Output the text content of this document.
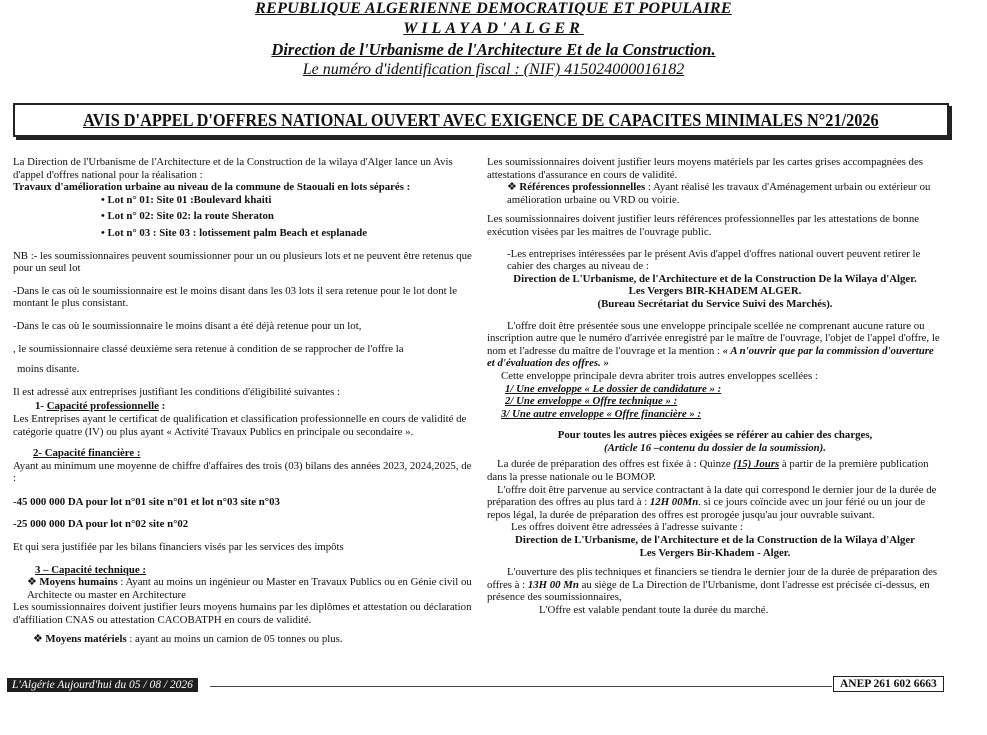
REPUBLIQUE ALGERIENNE DEMOCRATIQUE ET POPULAIRE
WILAYAD'ALGER
Direction de l'Urbanisme de l'Architecture Et de la Construction.
Le numéro d'identification fiscal : (NIF) 415024000016182
AVIS D'APPEL D'OFFRES NATIONAL OUVERT AVEC EXIGENCE DE CAPACITES MINIMALES N°21/2026

La Direction de l'Urbanisme de l'Architecture et de la Construction de la wilaya d'Alger lance un Avis d'appel d'offres national pour la réalisation :

Travaux d'amélioration urbaine au niveau de la commune de Staouali en lots séparés :

• Lot n° 01: Site 01 :Boulevard khaiti

• Lot n° 02: Site 02: la route Sheraton

• Lot n° 03 : Site 03 : lotissement palm Beach et esplanade

NB :- les soumissionnaires peuvent soumissionner pour un ou plusieurs lots et ne peuvent être retenus que pour un seul lot

-Dans le cas où le soumissionnaire est le moins disant dans les 03 lots il sera retenue pour le lot dont le montant le plus consistant.

-Dans le cas où le soumissionnaire le moins disant a été déjà retenue pour un lot,

, le soumissionnaire classé deuxième sera retenue à condition de se rapprocher de l'offre la

moins disante.

Il est adressé aux entreprises justifiant les conditions d'éligibilité suivantes :

1- Capacité professionnelle :

Les Entreprises ayant le certificat de qualification et classification professionnelle en cours de validité de catégorie quatre (IV) ou plus ayant « Activité Travaux Publics en principale ou secondaire ».

2- Capacité financière :

Ayant au minimum une moyenne de chiffre d'affaires des trois (03) bilans des années 2023, 2024,2025, de :

-45 000 000 DA pour lot n°01 site n°01 et lot n°03 site n°03

-25 000 000 DA pour lot n°02 site n°02

Et qui sera justifiée par les bilans financiers visés par les services des impôts

3 – Capacité technique :

❖ Moyens humains : Ayant au moins un ingénieur ou Master en Travaux Publics ou en Génie civil ou Architecte ou master en Architecture

Les soumissionnaires doivent justifier leurs moyens humains par les diplômes et attestation ou déclaration d'affiliation CNAS ou attestation CACOBATPH en cours de validité.

❖ Moyens matériels : ayant au moins un camion de 05 tonnes ou plus.

Les soumissionnaires doivent justifier leurs moyens matériels par les cartes grises accompagnées des attestations d'assurance en cours de validité.

❖ Références professionnelles : Ayant réalisé les travaux d'Aménagement urbain ou extérieur ou amélioration urbaine ou VRD ou voirie.

Les soumissionnaires doivent justifier leurs références professionnelles par les attestations de bonne exécution visées par les maitres de l'ouvrage public.

-Les entreprises intéressées par le présent Avis d'appel d'offres national ouvert peuvent retirer le cahier des charges au niveau de :

Direction de L'Urbanisme, de l'Architecture et de la Construction De la Wilaya d'Alger.

Les Vergers BIR-KHADEM ALGER.

(Bureau Secrétariat du Service Suivi des Marchés).

L'offre doit être présentée sous une enveloppe principale scellée ne comprenant aucune rature ou inscription autre que le numéro d'arrivée enregistré par le maître de l'ouvrage, l'objet de l'appel d'offre, le nom et l'adresse du maître de l'ouvrage et la mention : « A n'ouvrir que par la commission d'ouverture et d'évaluation des offres. »

Cette enveloppe principale devra abriter trois autres enveloppes scellées :

1/ Une enveloppe « Le dossier de candidature » :

2/ Une enveloppe « Offre technique » :

3/ Une autre enveloppe « Offre financière » :

Pour toutes les autres pièces exigées se référer au cahier des charges,

(Article 16 –contenu du dossier de la soumission).

La durée de préparation des offres est fixée à : Quinze (15) Jours à partir de la première publication dans la presse nationale ou le BOMOP.

L'offre doit être parvenue au service contractant à la date qui correspond le dernier jour de la durée de préparation des offres au plus tard à : 12H 00Mn. si ce jours coïncide avec un jour férié ou un jour de repos légal, la durée de préparation des offres est prorogée jusqu'au jour ouvrable suivant.

Les offres doivent être adressées à l'adresse suivante :

Direction de L'Urbanisme, de l'Architecture et de la Construction de la Wilaya d'Alger

Les Vergers Bir-Khadem - Alger.

L'ouverture des plis techniques et financiers se tiendra le dernier jour de la durée de préparation des offres à : 13H 00 Mn au siège de La Direction de l'Urbanisme, dont l'adresse est précisée ci-dessus, en présence des soumissionnaires,

L'Offre est valable pendant toute la durée du marché.

L'Algérie Aujourd'hui du 05 / 08 / 2026	ANEP 261 602 6663
